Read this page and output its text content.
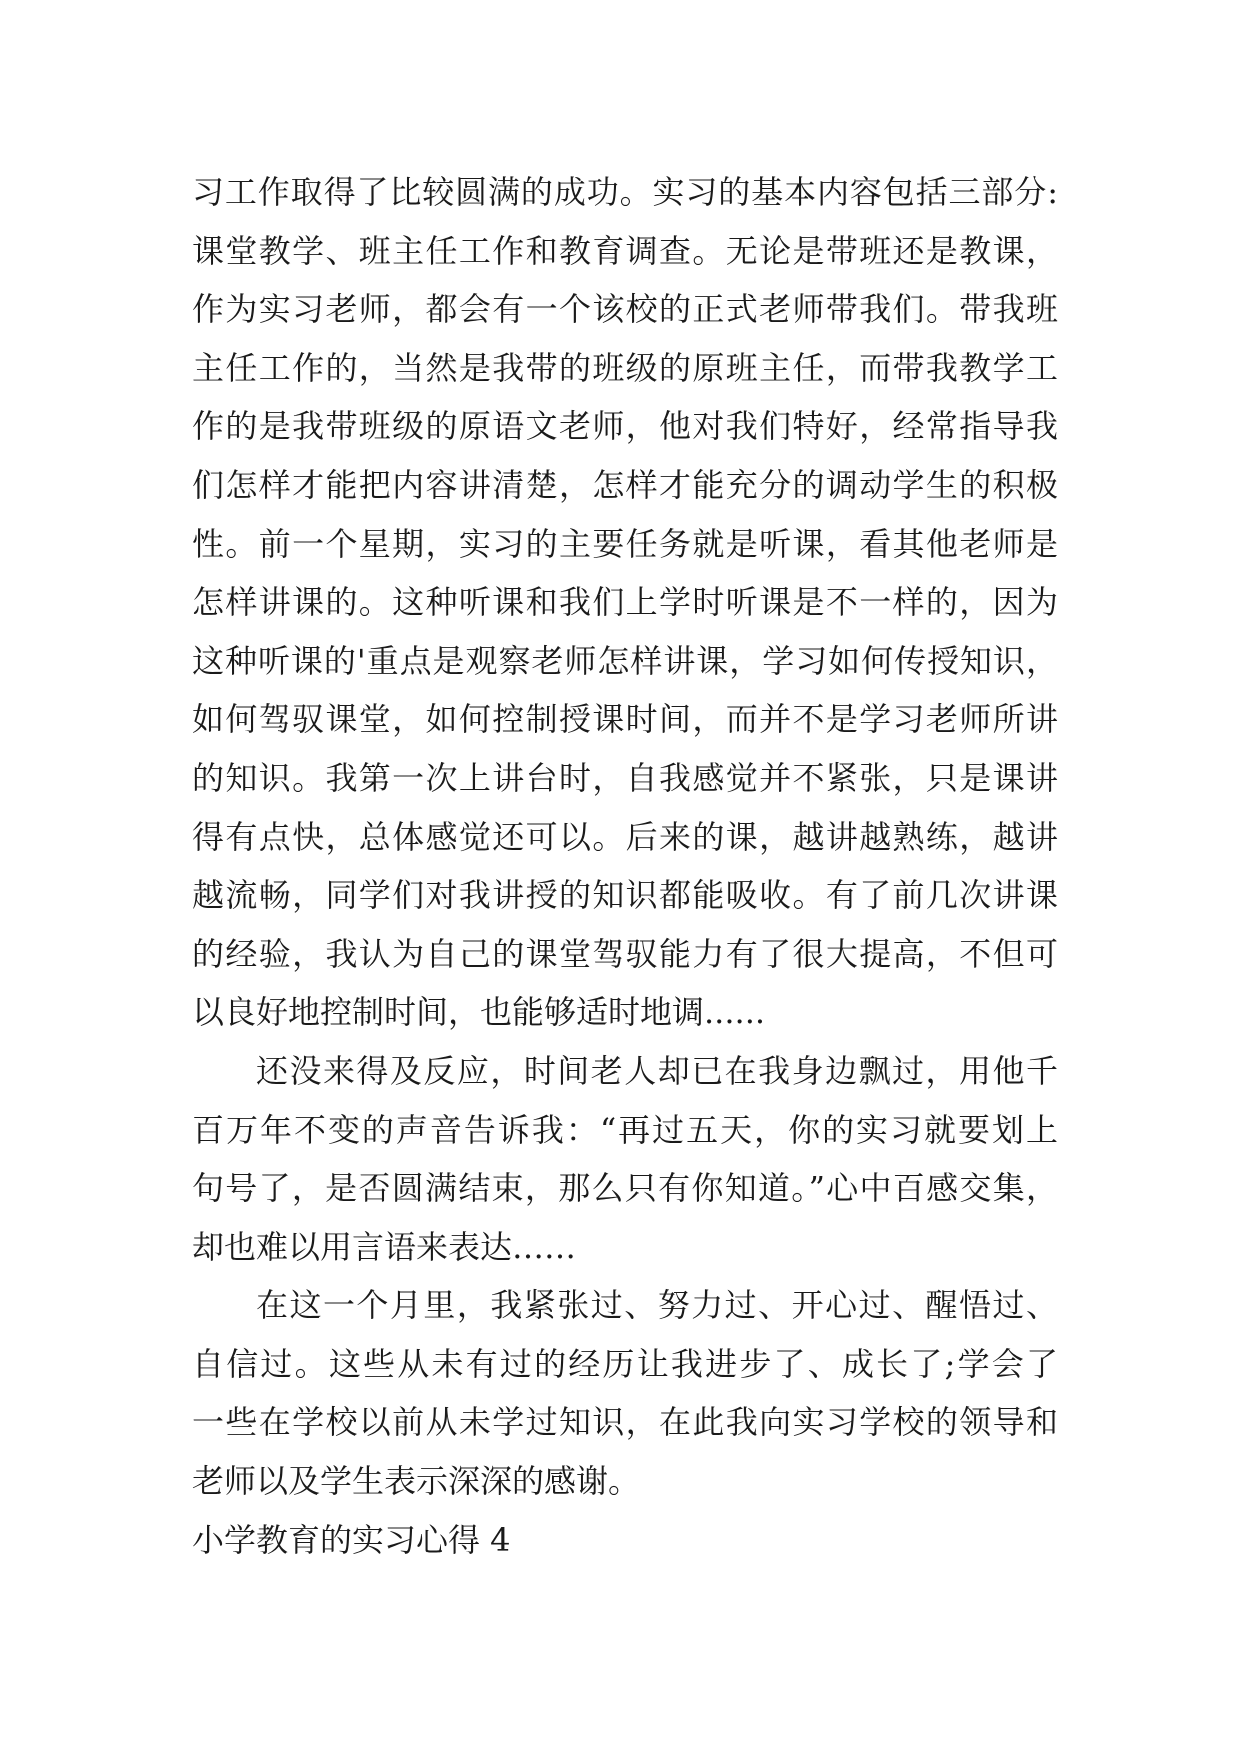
习工作取得了比较圆满的成功。实习的基本内容包括三部分:
课堂教学、班主任工作和教育调查。无论是带班还是教课，
作为实习老师，都会有一个该校的正式老师带我们。带我班
主任工作的，当然是我带的班级的原班主任，而带我教学工
作的是我带班级的原语文老师，他对我们特好，经常指导我
们怎样才能把内容讲清楚，怎样才能充分的调动学生的积极
性。前一个星期，实习的主要任务就是听课，看其他老师是
怎样讲课的。这种听课和我们上学时听课是不一样的，因为
这种听课的'重点是观察老师怎样讲课，学习如何传授知识，
如何驾驭课堂，如何控制授课时间，而并不是学习老师所讲
的知识。我第一次上讲台时，自我感觉并不紧张，只是课讲
得有点快，总体感觉还可以。后来的课，越讲越熟练，越讲
越流畅，同学们对我讲授的知识都能吸收。有了前几次讲课
的经验，我认为自己的课堂驾驭能力有了很大提高，不但可
以良好地控制时间，也能够适时地调......
还没来得及反应，时间老人却已在我身边飘过，用他千
百万年不变的声音告诉我：“再过五天，你的实习就要划上
句号了，是否圆满结束，那么只有你知道。”心中百感交集，
却也难以用言语来表达……
在这一个月里，我紧张过、努力过、开心过、醒悟过、
自信过。这些从未有过的经历让我进步了、成长了;学会了
一些在学校以前从未学过知识，在此我向实习学校的领导和
老师以及学生表示深深的感谢。
小学教育的实习心得 4
